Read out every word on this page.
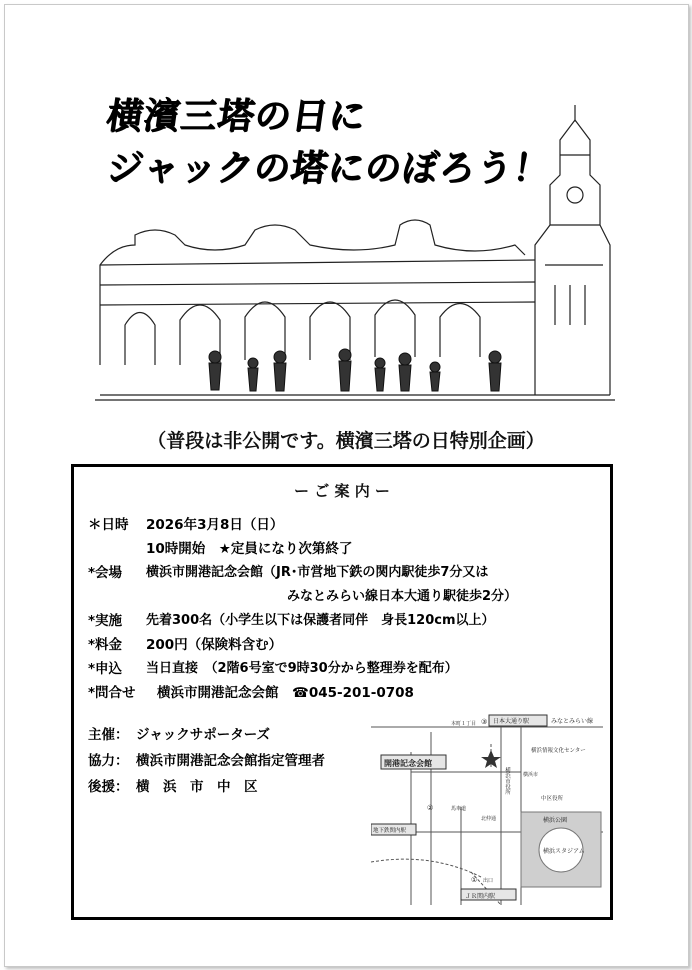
横濱三塔の日に
ジャックの塔にのぼろう！
（普段は非公開です。横濱三塔の日特別企画）
ー ご 案 内 ー
＊日時 2026年3月8日（日）
10時開始　★定員になり次第終了
*会場 横浜市開港記念会館（JR･市営地下鉄の関内駅徒歩7分又は
みなとみらい線日本大通り駅徒歩2分）
*実施 先着300名（小学生以下は保護者同伴　身長120cm以上）
*料金 200円（保険料含む）
*申込 当日直接　（2階6号室で9時30分から整理券を配布）
*問合せ 横浜市開港記念会館　☎045-201-0708
主催： ジャックサポーターズ
協力： 横浜市開港記念会館指定管理者
後援： 横　浜　市　中　区
開港記念会館
日本大通り駅	みなとみらい線
ＪＲ関内駅
地下鉄関内駅
横浜公園
横浜スタジアム
横浜情報文化センター
中区役所
横浜市役所
③
②
①
本町１丁目
馬車道
北仲通
横浜市
出口
